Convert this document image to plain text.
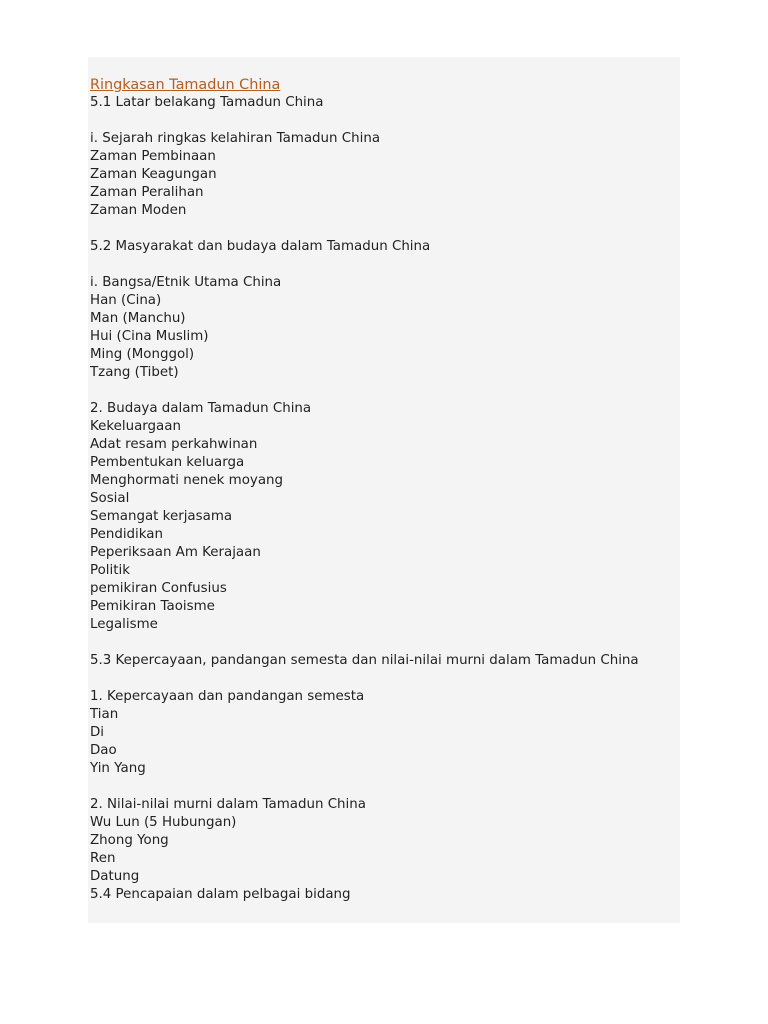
Ringkasan Tamadun China
5.1 Latar belakang Tamadun China
i. Sejarah ringkas kelahiran Tamadun China
Zaman Pembinaan
Zaman Keagungan
Zaman Peralihan
Zaman Moden
5.2 Masyarakat dan budaya dalam Tamadun China
i. Bangsa/Etnik Utama China
Han (Cina)
Man (Manchu)
Hui (Cina Muslim)
Ming (Monggol)
Tzang (Tibet)
2. Budaya dalam Tamadun China
Kekeluargaan
Adat resam perkahwinan
Pembentukan keluarga
Menghormati nenek moyang
Sosial
Semangat kerjasama
Pendidikan
Peperiksaan Am Kerajaan
Politik
pemikiran Confusius
Pemikiran Taoisme
Legalisme
5.3 Kepercayaan, pandangan semesta dan nilai-nilai murni dalam Tamadun China
1. Kepercayaan dan pandangan semesta
Tian
Di
Dao
Yin Yang
2. Nilai-nilai murni dalam Tamadun China
Wu Lun (5 Hubungan)
Zhong Yong
Ren
Datung
5.4 Pencapaian dalam pelbagai bidang
